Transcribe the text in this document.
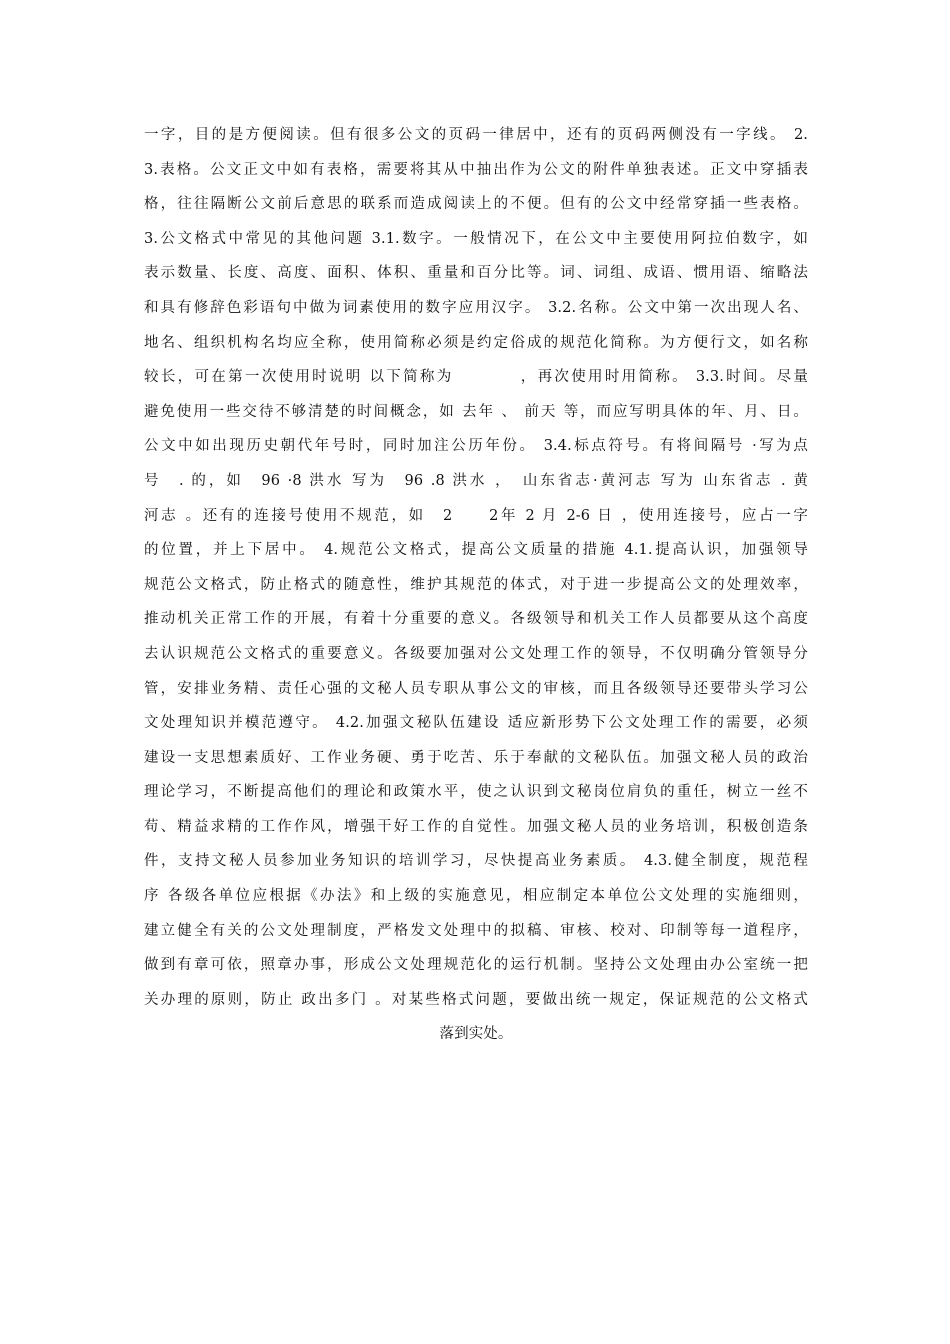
一字，目的是方便阅读。但有很多公文的页码一律居中，还有的页码两侧没有一字线。 2.
3.表格。公文正文中如有表格，需要将其从中抽出作为公文的附件单独表述。正文中穿插表
格，往往隔断公文前后意思的联系而造成阅读上的不便。但有的公文中经常穿插一些表格。
3.公文格式中常见的其他问题 3.1.数字。一般情况下，在公文中主要使用阿拉伯数字，如
表示数量、长度、高度、面积、体积、重量和百分比等。词、词组、成语、惯用语、缩略法
和具有修辞色彩语句中做为词素使用的数字应用汉字。 3.2.名称。公文中第一次出现人名、
地名、组织机构名均应全称，使用简称必须是约定俗成的规范化简称。为方便行文，如名称
较长，可在第一次使用时说明 以下简称为　　　　，再次使用时用简称。 3.3.时间。尽量
避免使用一些交待不够清楚的时间概念，如 去年 、 前天 等，而应写明具体的年、月、日。
公文中如出现历史朝代年号时，同时加注公历年份。 3.4.标点符号。有将间隔号 ·写为点
号　. 的，如　96 ·8 洪水 写为　96 .8 洪水 ，　山东省志·黄河志 写为 山东省志 . 黄
河志 。还有的连接号使用不规范，如　2　　2年 2 月 2-6 日 ，使用连接号，应占一字
的位置，并上下居中。 4.规范公文格式，提高公文质量的措施 4.1.提高认识，加强领导
规范公文格式，防止格式的随意性，维护其规范的体式，对于进一步提高公文的处理效率，
推动机关正常工作的开展，有着十分重要的意义。各级领导和机关工作人员都要从这个高度
去认识规范公文格式的重要意义。各级要加强对公文处理工作的领导，不仅明确分管领导分
管，安排业务精、责任心强的文秘人员专职从事公文的审核，而且各级领导还要带头学习公
文处理知识并模范遵守。 4.2.加强文秘队伍建设 适应新形势下公文处理工作的需要，必须
建设一支思想素质好、工作业务硬、勇于吃苦、乐于奉献的文秘队伍。加强文秘人员的政治
理论学习，不断提高他们的理论和政策水平，使之认识到文秘岗位肩负的重任，树立一丝不
苟、精益求精的工作作风，增强干好工作的自觉性。加强文秘人员的业务培训，积极创造条
件，支持文秘人员参加业务知识的培训学习，尽快提高业务素质。 4.3.健全制度，规范程
序 各级各单位应根据《办法》和上级的实施意见，相应制定本单位公文处理的实施细则，
建立健全有关的公文处理制度，严格发文处理中的拟稿、审核、校对、印制等每一道程序，
做到有章可依，照章办事，形成公文处理规范化的运行机制。坚持公文处理由办公室统一把
关办理的原则，防止 政出多门 。对某些格式问题，要做出统一规定，保证规范的公文格式
落到实处。
